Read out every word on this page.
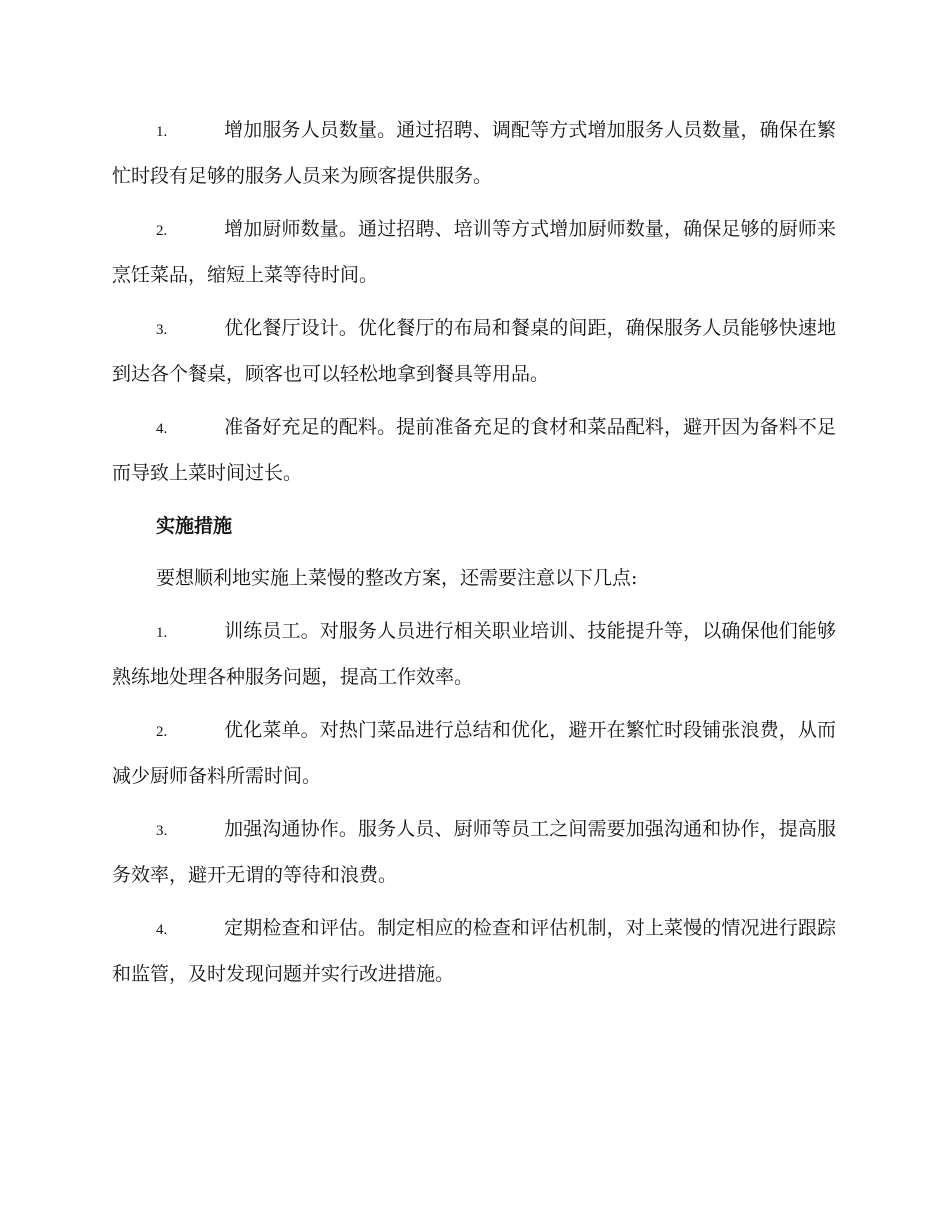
1.	增加服务人员数量。通过招聘、调配等方式增加服务人员数量，确保在繁忙时段有足够的服务人员来为顾客提供服务。
2.	增加厨师数量。通过招聘、培训等方式增加厨师数量，确保足够的厨师来烹饪菜品，缩短上菜等待时间。
3.	优化餐厅设计。优化餐厅的布局和餐桌的间距，确保服务人员能够快速地到达各个餐桌，顾客也可以轻松地拿到餐具等用品。
4.	准备好充足的配料。提前准备充足的食材和菜品配料，避开因为备料不足而导致上菜时间过长。
实施措施
要想顺利地实施上菜慢的整改方案，还需要注意以下几点:
1.	训练员工。对服务人员进行相关职业培训、技能提升等，以确保他们能够熟练地处理各种服务问题，提高工作效率。
2.	优化菜单。对热门菜品进行总结和优化，避开在繁忙时段铺张浪费，从而减少厨师备料所需时间。
3.	加强沟通协作。服务人员、厨师等员工之间需要加强沟通和协作，提高服务效率，避开无谓的等待和浪费。
4.	定期检查和评估。制定相应的检查和评估机制，对上菜慢的情况进行跟踪和监管，及时发现问题并实行改进措施。
